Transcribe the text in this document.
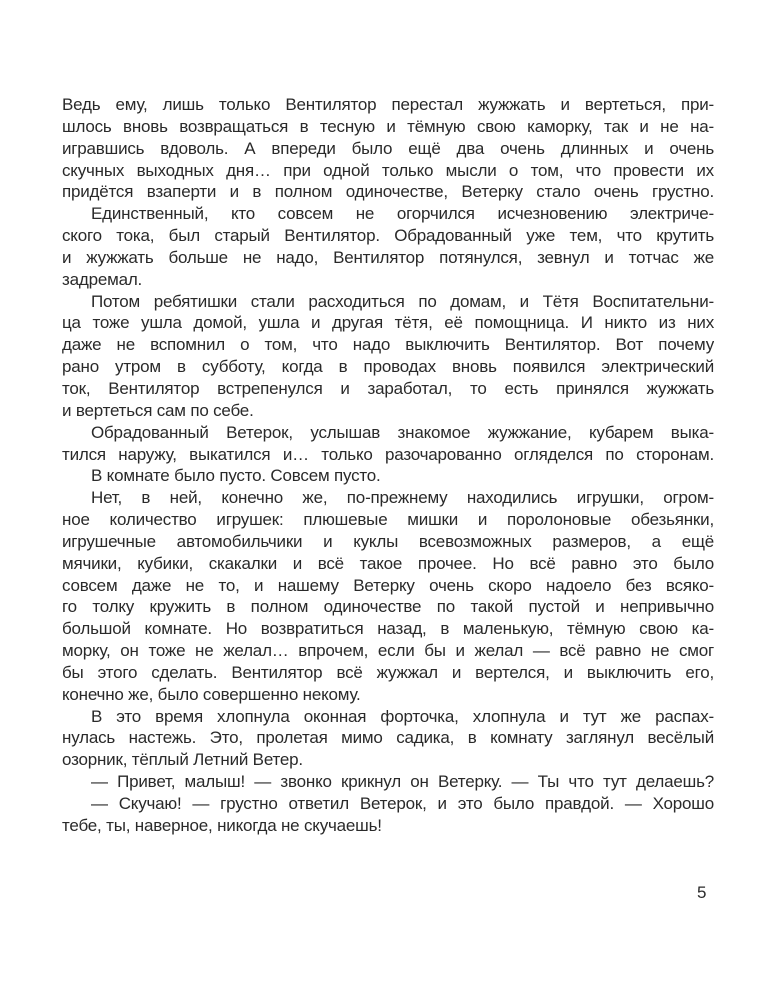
Ведь ему, лишь только Вентилятор перестал жужжать и вертеться, при-
шлось вновь возвращаться в тесную и тёмную свою каморку, так и не на-
игравшись вдоволь. А впереди было ещё два очень длинных и очень
скучных выходных дня… при одной только мысли о том, что провести их
придётся взаперти и в полном одиночестве, Ветерку стало очень грустно.
Единственный, кто совсем не огорчился исчезновению электриче-
ского тока, был старый Вентилятор. Обрадованный уже тем, что крутить
и жужжать больше не надо, Вентилятор потянулся, зевнул и тотчас же
задремал.
Потом ребятишки стали расходиться по домам, и Тётя Воспитательни-
ца тоже ушла домой, ушла и другая тётя, её помощница. И никто из них
даже не вспомнил о том, что надо выключить Вентилятор. Вот почему
рано утром в субботу, когда в проводах вновь появился электрический
ток, Вентилятор встрепенулся и заработал, то есть принялся жужжать
и вертеться сам по себе.
Обрадованный Ветерок, услышав знакомое жужжание, кубарем выка-
тился наружу, выкатился и… только разочарованно огляделся по сторонам.
В комнате было пусто. Совсем пусто.
Нет, в ней, конечно же, по-прежнему находились игрушки, огром-
ное количество игрушек: плюшевые мишки и поролоновые обезьянки,
игрушечные автомобильчики и куклы всевозможных размеров, а ещё
мячики, кубики, скакалки и всё такое прочее. Но всё равно это было
совсем даже не то, и нашему Ветерку очень скоро надоело без всяко-
го толку кружить в полном одиночестве по такой пустой и непривычно
большой комнате. Но возвратиться назад, в маленькую, тёмную свою ка-
морку, он тоже не желал… впрочем, если бы и желал — всё равно не смог
бы этого сделать. Вентилятор всё жужжал и вертелся, и выключить его,
конечно же, было совершенно некому.
В это время хлопнула оконная форточка, хлопнула и тут же распах-
нулась настежь. Это, пролетая мимо садика, в комнату заглянул весёлый
озорник, тёплый Летний Ветер.
— Привет, малыш! — звонко крикнул он Ветерку. — Ты что тут делаешь?
— Скучаю! — грустно ответил Ветерок, и это было правдой. — Хорошо
тебе, ты, наверное, никогда не скучаешь!
5
